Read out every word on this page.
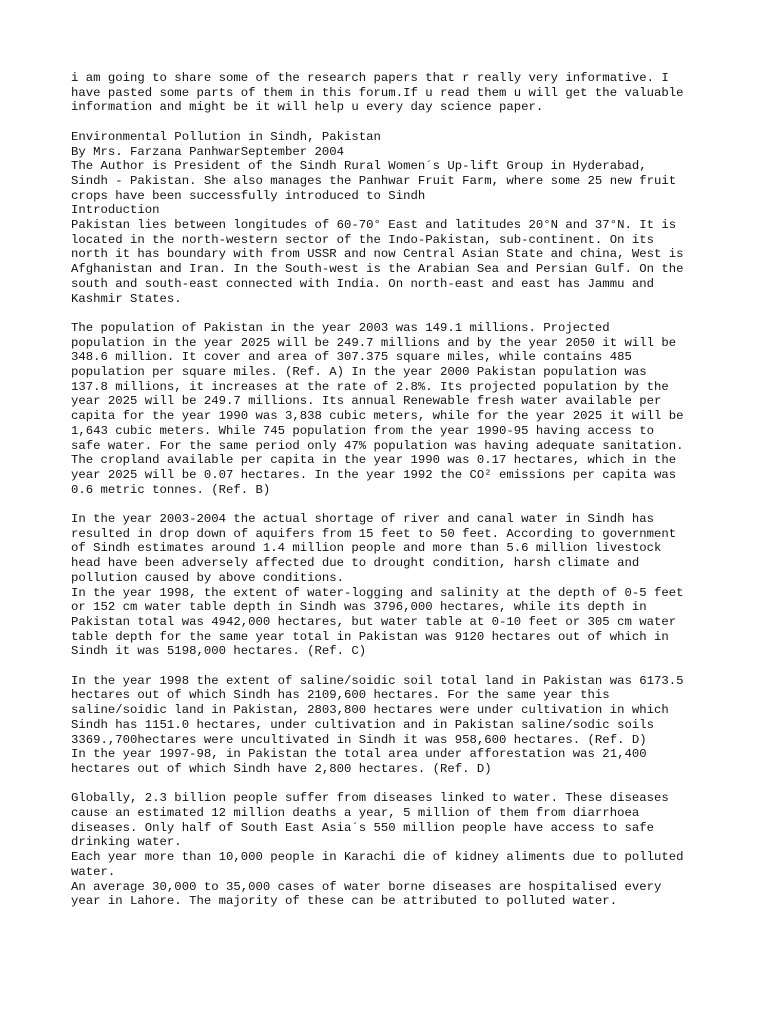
i am going to share some of the research papers that r really very informative. I
have pasted some parts of them in this forum.If u read them u will get the valuable
information and might be it will help u every day science paper.
Environmental Pollution in Sindh, Pakistan
By Mrs. Farzana PanhwarSeptember 2004
The Author is President of the Sindh Rural Women´s Up-lift Group in Hyderabad,
Sindh - Pakistan. She also manages the Panhwar Fruit Farm, where some 25 new fruit
crops have been successfully introduced to Sindh
Introduction
Pakistan lies between longitudes of 60-70° East and latitudes 20°N and 37°N. It is
located in the north-western sector of the Indo-Pakistan, sub-continent. On its
north it has boundary with from USSR and now Central Asian State and china, West is
Afghanistan and Iran. In the South-west is the Arabian Sea and Persian Gulf. On the
south and south-east connected with India. On north-east and east has Jammu and
Kashmir States.
The population of Pakistan in the year 2003 was 149.1 millions. Projected
population in the year 2025 will be 249.7 millions and by the year 2050 it will be
348.6 million. It cover and area of 307.375 square miles, while contains 485
population per square miles. (Ref. A) In the year 2000 Pakistan population was
137.8 millions, it increases at the rate of 2.8%. Its projected population by the
year 2025 will be 249.7 millions. Its annual Renewable fresh water available per
capita for the year 1990 was 3,838 cubic meters, while for the year 2025 it will be
1,643 cubic meters. While 745 population from the year 1990-95 having access to
safe water. For the same period only 47% population was having adequate sanitation.
The cropland available per capita in the year 1990 was 0.17 hectares, which in the
year 2025 will be 0.07 hectares. In the year 1992 the CO² emissions per capita was
0.6 metric tonnes. (Ref. B)
In the year 2003-2004 the actual shortage of river and canal water in Sindh has
resulted in drop down of aquifers from 15 feet to 50 feet. According to government
of Sindh estimates around 1.4 million people and more than 5.6 million livestock
head have been adversely affected due to drought condition, harsh climate and
pollution caused by above conditions.
In the year 1998, the extent of water-logging and salinity at the depth of 0-5 feet
or 152 cm water table depth in Sindh was 3796,000 hectares, while its depth in
Pakistan total was 4942,000 hectares, but water table at 0-10 feet or 305 cm water
table depth for the same year total in Pakistan was 9120 hectares out of which in
Sindh it was 5198,000 hectares. (Ref. C)
In the year 1998 the extent of saline/soidic soil total land in Pakistan was 6173.5
hectares out of which Sindh has 2109,600 hectares. For the same year this
saline/soidic land in Pakistan, 2803,800 hectares were under cultivation in which
Sindh has 1151.0 hectares, under cultivation and in Pakistan saline/sodic soils
3369.,700hectares were uncultivated in Sindh it was 958,600 hectares. (Ref. D)
In the year 1997-98, in Pakistan the total area under afforestation was 21,400
hectares out of which Sindh have 2,800 hectares. (Ref. D)
Globally, 2.3 billion people suffer from diseases linked to water. These diseases
cause an estimated 12 million deaths a year, 5 million of them from diarrhoea
diseases. Only half of South East Asia´s 550 million people have access to safe
drinking water.
Each year more than 10,000 people in Karachi die of kidney aliments due to polluted
water.
An average 30,000 to 35,000 cases of water borne diseases are hospitalised every
year in Lahore. The majority of these can be attributed to polluted water.
